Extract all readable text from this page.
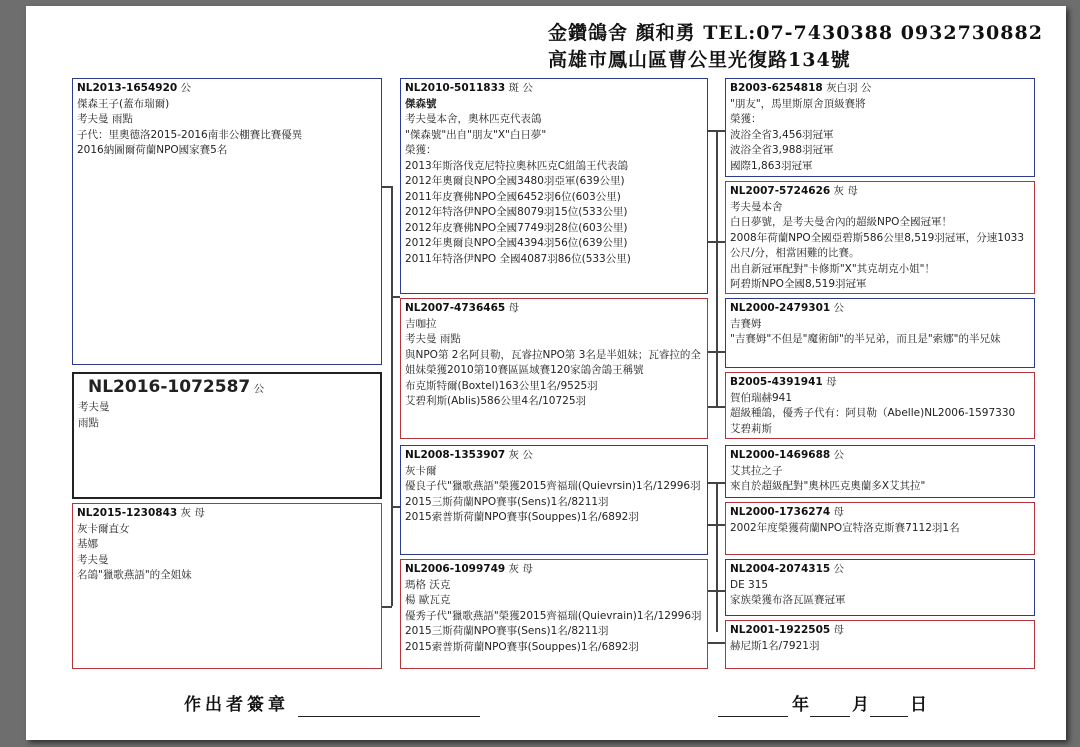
金鑽鴿舍 顏和勇 TEL:07-7430388 0932730882
高雄市鳳山區曹公里光復路134號
NL2013-1654920 公
傑森王子(蓋布瑞爾)
考夫曼 雨點
子代：里奧德洛2015-2016南非公棚賽比賽優異
2016納圖爾荷蘭NPO國家賽5名
NL2016-1072587 公
考夫曼
雨點
NL2015-1230843 灰 母
灰卡爾直女
基娜
考夫曼
名鴿"獵歌燕語"的全姐妹
NL2010-5011833 斑 公
傑森號
考夫曼本舍，奧林匹克代表鴿
"傑森號"出自"朋友"X"白日夢"
榮獲：
2013年斯洛伐克尼特拉奧林匹克C組鴿王代表鴿
2012年奧爾良NPO全國3480羽亞軍(639公里)
2011年皮賽佛NPO全國6452羽6位(603公里)
2012年特洛伊NPO全國8079羽15位(533公里)
2012年皮賽佛NPO全國7749羽28位(603公里)
2012年奧爾良NPO全國4394羽56位(639公里)
2011年特洛伊NPO 全國4087羽86位(533公里)
NL2007-4736465 母
吉咖拉
考夫曼 雨點
與NPO第 2名阿貝勒，瓦睿拉NPO第 3名是半姐妹；瓦睿拉的全姐妹榮獲2010第10賽區區域賽120家鴿舍鴿王稱號
布克斯特爾(Boxtel)163公里1名/9525羽
艾碧利斯(Ablis)586公里4名/10725羽
NL2008-1353907 灰 公
灰卡爾
優良子代"獵歌燕語"榮獲2015齊福瑞(Quievrsin)1名/12996羽
2015三斯荷蘭NPO賽事(Sens)1名/8211羽
2015索普斯荷蘭NPO賽事(Souppes)1名/6892羽
NL2006-1099749 灰 母
瑪格 沃克
楊 歐瓦克
優秀子代"獵歌燕語"榮獲2015齊福瑞(Quievrain)1名/12996羽
2015三斯荷蘭NPO賽事(Sens)1名/8211羽
2015索普斯荷蘭NPO賽事(Souppes)1名/6892羽
B2003-6254818 灰白羽 公
"朋友"，馬里斯原舍頂級賽將
榮獲：
波浴全省3,456羽冠軍
波浴全省3,988羽冠軍
國際1,863羽冠軍
NL2007-5724626 灰 母
考夫曼本舍
白日夢號，是考夫曼舍內的超級NPO全國冠軍！
2008年荷蘭NPO全國亞碧斯586公里8,519羽冠軍，分速1033公尺/分，相當困難的比賽。
出自新冠軍配對"卡修斯"X"其克胡克小姐"！
阿碧斯NPO全國8,519羽冠軍
NL2000-2479301 公
吉賽姆
"吉賽姆"不但是"魔術師"的半兄弟，而且是"索娜"的半兄妹
B2005-4391941 母
賀伯瑞赫941
超級種鴿，優秀子代有：阿貝勒（Abelle)NL2006-1597330
艾碧莉斯
NL2000-1469688 公
艾其拉之子
來自於超級配對"奧林匹克奧蘭多X艾其拉"
NL2000-1736274 母
2002年度榮獲荷蘭NPO宣特洛克斯賽7112羽1名
NL2004-2074315 公
DE 315
家族榮獲布洛瓦區賽冠軍
NL2001-1922505 母
赫尼斯1名/7921羽
作出者簽章	年 月 日
